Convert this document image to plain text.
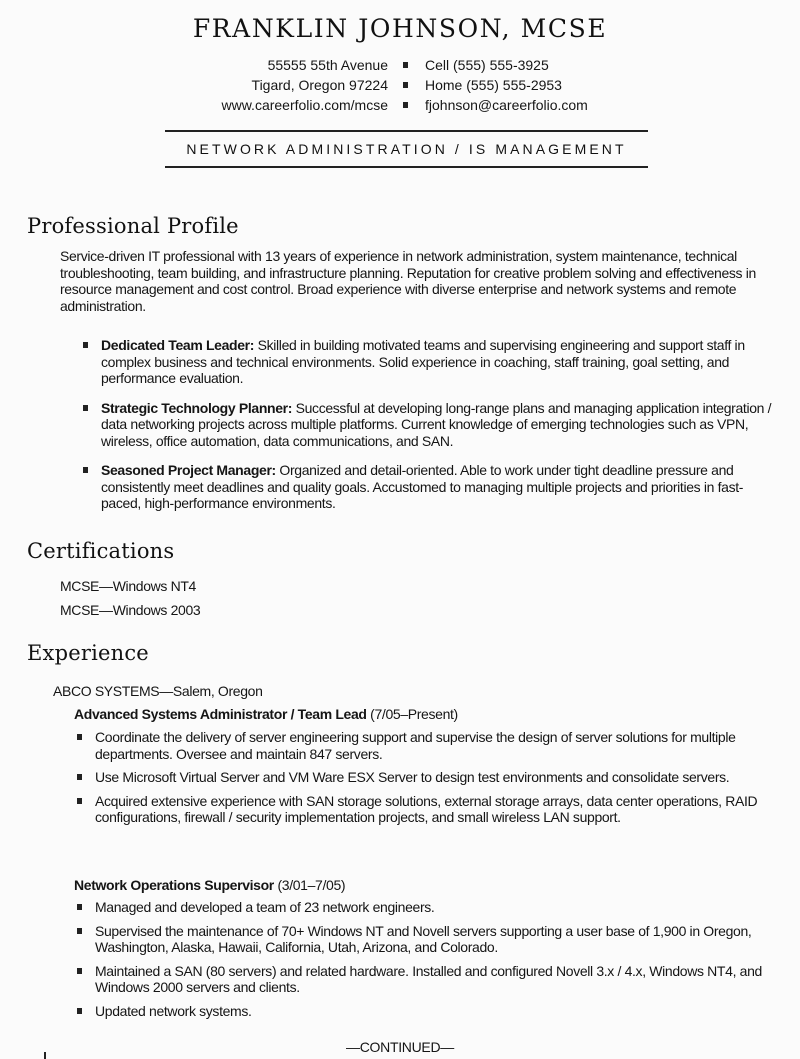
FRANKLIN JOHNSON, MCSE
55555 55th Avenue	Cell (555) 555-3925
Tigard, Oregon 97224	Home (555) 555-2953
www.careerfolio.com/mcse	fjohnson@careerfolio.com
NETWORK ADMINISTRATION / IS MANAGEMENT
Professional Profile
Service-driven IT professional with 13 years of experience in network administration, system maintenance, technical troubleshooting, team building, and infrastructure planning. Reputation for creative problem solving and effectiveness in resource management and cost control. Broad experience with diverse enterprise and network systems and remote administration.
Dedicated Team Leader: Skilled in building motivated teams and supervising engineering and support staff in complex business and technical environments. Solid experience in coaching, staff training, goal setting, and performance evaluation.
Strategic Technology Planner: Successful at developing long-range plans and managing application integration / data networking projects across multiple platforms. Current knowledge of emerging technologies such as VPN, wireless, office automation, data communications, and SAN.
Seasoned Project Manager: Organized and detail-oriented. Able to work under tight deadline pressure and consistently meet deadlines and quality goals. Accustomed to managing multiple projects and priorities in fast-paced, high-performance environments.
Certifications
MCSE—Windows NT4
MCSE—Windows 2003
Experience
ABCO SYSTEMS—Salem, Oregon
Advanced Systems Administrator / Team Lead (7/05–Present)
Coordinate the delivery of server engineering support and supervise the design of server solutions for multiple departments. Oversee and maintain 847 servers.
Use Microsoft Virtual Server and VM Ware ESX Server to design test environments and consolidate servers.
Acquired extensive experience with SAN storage solutions, external storage arrays, data center operations, RAID configurations, firewall / security implementation projects, and small wireless LAN support.
Network Operations Supervisor (3/01–7/05)
Managed and developed a team of 23 network engineers.
Supervised the maintenance of 70+ Windows NT and Novell servers supporting a user base of 1,900 in Oregon, Washington, Alaska, Hawaii, California, Utah, Arizona, and Colorado.
Maintained a SAN (80 servers) and related hardware. Installed and configured Novell 3.x / 4.x, Windows NT4, and Windows 2000 servers and clients.
Updated network systems.
—CONTINUED—
